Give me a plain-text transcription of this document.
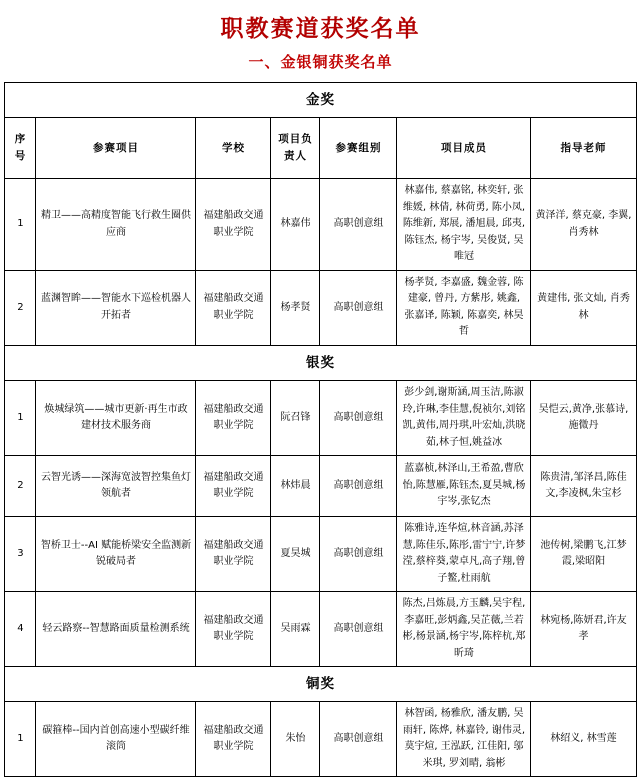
职教赛道获奖名单
一、金银铜获奖名单
金奖						
序号	参赛项目	学校	项目负责人	参赛组别	项目成员	指导老师
1	精卫——高精度智能飞行救生圈供应商	福建船政交通职业学院	林嘉伟	高职创意组	林嘉伟, 蔡嘉铭, 林奕轩, 张维媛, 林倩, 林荷勇, 陈小凤, 陈维新, 郑展, 潘旭晨, 邱夷, 陈钰杰, 杨宇岑, 吴俊贤, 吴唯冠	黄泽洋, 蔡克豪, 李翼, 肖秀林
2	蓝渊智眸——智能水下巡检机器人开拓者	福建船政交通职业学院	杨孝贤	高职创意组	杨孝贤, 李嘉盛, 魏金蓉, 陈建豪, 曾丹, 方紫彤, 姚鑫, 张嘉译, 陈颖, 陈嘉奕, 林昊哲	黄建伟, 张文灿, 肖秀林
银奖						
1	焕城绿筑——城市更新·再生市政建材技术服务商	福建船政交通职业学院	阮召锋	高职创意组	彭少剑,谢斯涵,周玉洁,陈淑玲,许琳,李佳慧,倪祯尔,刘铭凯,黄伟,周丹琪,叶宏灿,洪晓茹,林子恒,姚益冰	吴恺云,黄净,张慕诗,施微丹
2	云智光诱——深海宽波智控集鱼灯领航者	福建船政交通职业学院	林炜晨	高职创意组	蓝嘉桢,林泽山,王希盈,曹欣怡,陈慧雁,陈钰杰,夏昊城,杨宇岑,张钇杰	陈贵清,邹泽昌,陈佳文,李凌枫,朱宝杉
3	智桥卫士--AI 赋能桥梁安全监测新锐破局者	福建船政交通职业学院	夏昊城	高职创意组	陈雅诗,连华煊,林音涵,苏泽慧,陈佳乐,陈彤,雷宁宁,许梦滢,蔡梓葵,蒙卓凡,高子翔,曾子鳘,杜雨航	池传树,梁鹏飞,江梦霞,梁昭阳
4	轻云路察--智慧路面质量检测系统	福建船政交通职业学院	吴雨霖	高职创意组	陈杰,吕炼晨,方玉麟,吴宇程,李嘉旺,彭炳鑫,吴芷薇,兰若彬,杨景涵,杨宇岑,陈梓杭,郑昕琦	林宛杨,陈妍君,许友孝
铜奖						
1	碳箍棒--国内首创高速小型碳纤维滚筒	福建船政交通职业学院	朱怡	高职创意组	林智函, 杨雅欣, 潘友鹏, 吴雨轩, 陈烨, 林嘉铃, 谢伟灵, 莫宇煊, 王泓跃, 江佳阳, 邬米琪, 罗刘晴, 翁彬	林绍义, 林雪莲
